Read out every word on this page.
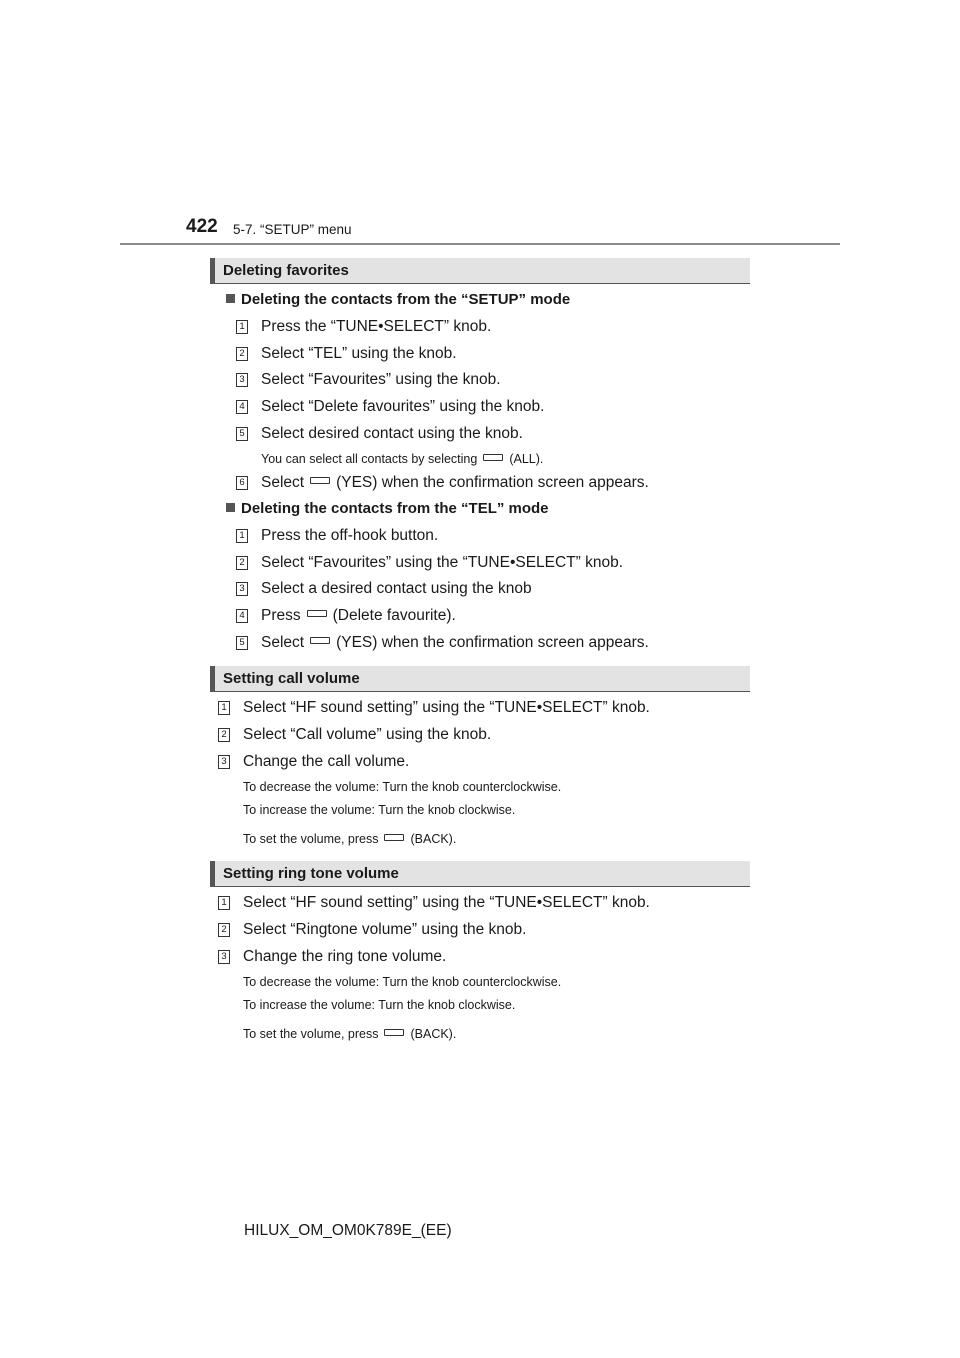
422 5-7. “SETUP” menu
Deleting favorites
Deleting the contacts from the “SETUP” mode
1 Press the “TUNE•SELECT” knob.
2 Select “TEL” using the knob.
3 Select “Favourites” using the knob.
4 Select “Delete favourites” using the knob.
5 Select desired contact using the knob.
You can select all contacts by selecting	(ALL).
6 Select (YES) when the confirmation screen appears.
Deleting the contacts from the “TEL” mode
1 Press the off-hook button.
2 Select “Favourites” using the “TUNE•SELECT” knob.
3 Select a desired contact using the knob
4 Press (Delete favourite).
5 Select (YES) when the confirmation screen appears.
Setting call volume
1 Select “HF sound setting” using the “TUNE•SELECT” knob.
2 Select “Call volume” using the knob.
3 Change the call volume.
To decrease the volume: Turn the knob counterclockwise.
To increase the volume: Turn the knob clockwise.
To set the volume, press	(BACK).
Setting ring tone volume
1 Select “HF sound setting” using the “TUNE•SELECT” knob.
2 Select “Ringtone volume” using the knob.
3 Change the ring tone volume.
To decrease the volume: Turn the knob counterclockwise.
To increase the volume: Turn the knob clockwise.
To set the volume, press	(BACK).
HILUX_OM_OM0K789E_(EE)
